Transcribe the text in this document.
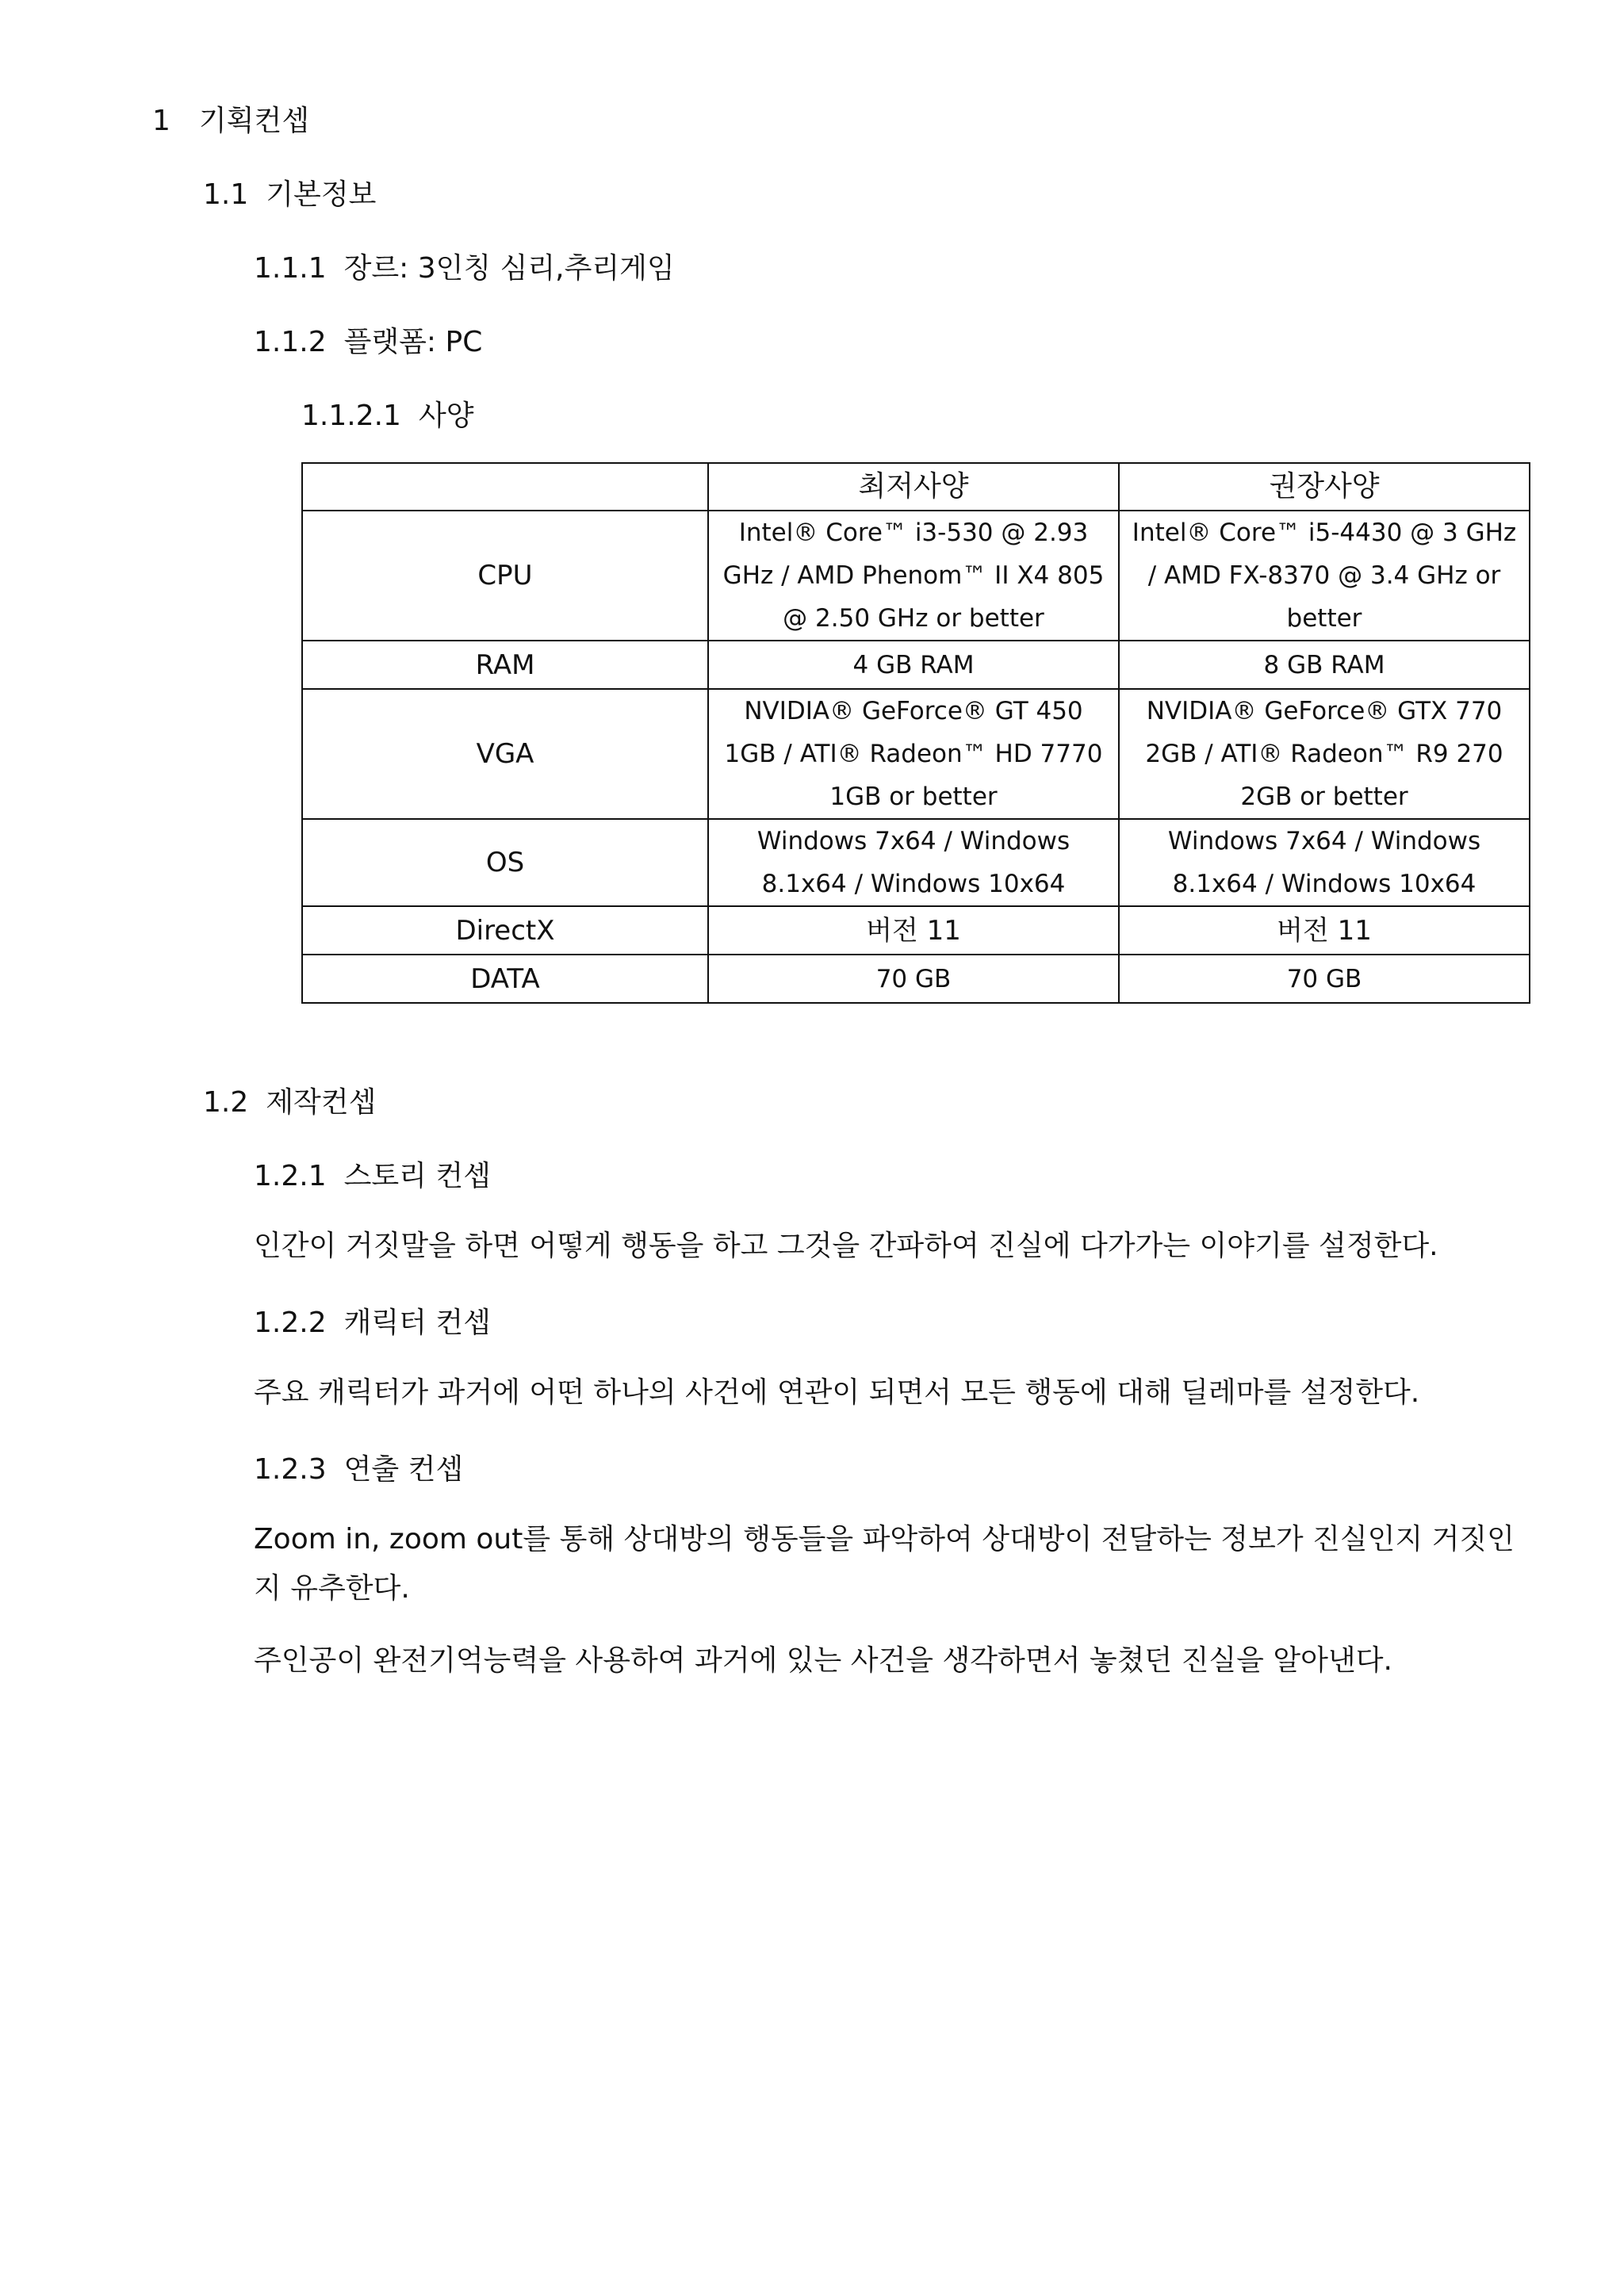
1 기획컨셉
1.1 기본정보
1.1.1 장르: 3인칭 심리,추리게임
1.1.2 플랫폼: PC
1.1.2.1 사양
	최저사양	권장사양
CPU	Intel® Core™ i3-530 @ 2.93 GHz / AMD Phenom™ II X4 805 @ 2.50 GHz or better	Intel® Core™ i5-4430 @ 3 GHz / AMD FX-8370 @ 3.4 GHz or better
RAM	4 GB RAM	8 GB RAM
VGA	NVIDIA® GeForce® GT 450 1GB / ATI® Radeon™ HD 7770 1GB or better	NVIDIA® GeForce® GTX 770 2GB / ATI® Radeon™ R9 270 2GB or better
OS	Windows 7x64 / Windows 8.1x64 / Windows 10x64	Windows 7x64 / Windows 8.1x64 / Windows 10x64
DirectX	버전 11	버전 11
DATA	70 GB	70 GB
1.2 제작컨셉
1.2.1 스토리 컨셉
인간이 거짓말을 하면 어떻게 행동을 하고 그것을 간파하여 진실에 다가가는 이야기를 설정한다.
1.2.2 캐릭터 컨셉
주요 캐릭터가 과거에 어떤 하나의 사건에 연관이 되면서 모든 행동에 대해 딜레마를 설정한다.
1.2.3 연출 컨셉
Zoom in, zoom out를 통해 상대방의 행동들을 파악하여 상대방이 전달하는 정보가 진실인지 거짓인지 유추한다.
주인공이 완전기억능력을 사용하여 과거에 있는 사건을 생각하면서 놓쳤던 진실을 알아낸다.
